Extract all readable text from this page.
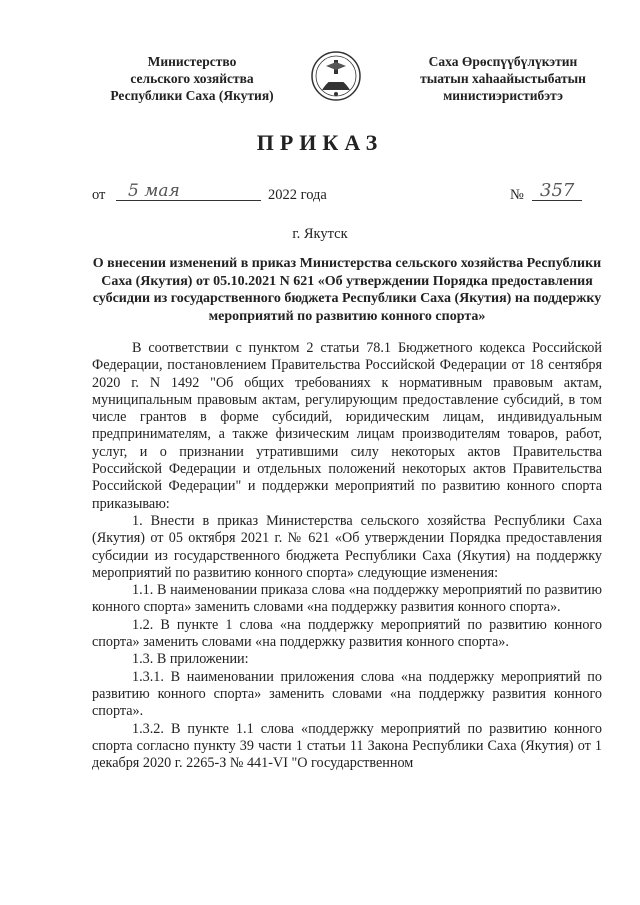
Министерство
сельского хозяйства
Республики Саха (Якутия)
Саха Өрөспүүбүлүкэтин
тыатын хаһаайыстыбатын
министиэристибэтэ
ПРИКАЗ
от	5 мая	2022 года	№ 357
г. Якутск
О внесении изменений в приказ Министерства сельского хозяйства Республики Саха (Якутия) от 05.10.2021 N 621 «Об утверждении Порядка предоставления субсидии из государственного бюджета Республики Саха (Якутия) на поддержку мероприятий по развитию конного спорта»

В соответствии с пунктом 2 статьи 78.1 Бюджетного кодекса Российской Федерации, постановлением Правительства Российской Федерации от 18 сентября 2020 г. N 1492 "Об общих требованиях к нормативным правовым актам, муниципальным правовым актам, регулирующим предоставление субсидий, в том числе грантов в форме субсидий, юридическим лицам, индивидуальным предпринимателям, а также физическим лицам производителям товаров, работ, услуг, и о признании утратившими силу некоторых актов Правительства Российской Федерации и отдельных положений некоторых актов Правительства Российской Федерации" и поддержки мероприятий по развитию конного спорта приказываю:

1. Внести в приказ Министерства сельского хозяйства Республики Саха (Якутия) от 05 октября 2021 г. № 621 «Об утверждении Порядка предоставления субсидии из государственного бюджета Республики Саха (Якутия) на поддержку мероприятий по развитию конного спорта» следующие изменения:

1.1. В наименовании приказа слова «на поддержку мероприятий по развитию конного спорта» заменить словами «на поддержку развития конного спорта».

1.2. В пункте 1 слова «на поддержку мероприятий по развитию конного спорта» заменить словами «на поддержку развития конного спорта».

1.3. В приложении:

1.3.1. В наименовании приложения слова «на поддержку мероприятий по развитию конного спорта» заменить словами «на поддержку развития конного спорта».

1.3.2. В пункте 1.1 слова «поддержку мероприятий по развитию конного спорта согласно пункту 39 части 1 статьи 11 Закона Республики Саха (Якутия) от 1 декабря 2020 г. 2265-З № 441-VI "О государственном
